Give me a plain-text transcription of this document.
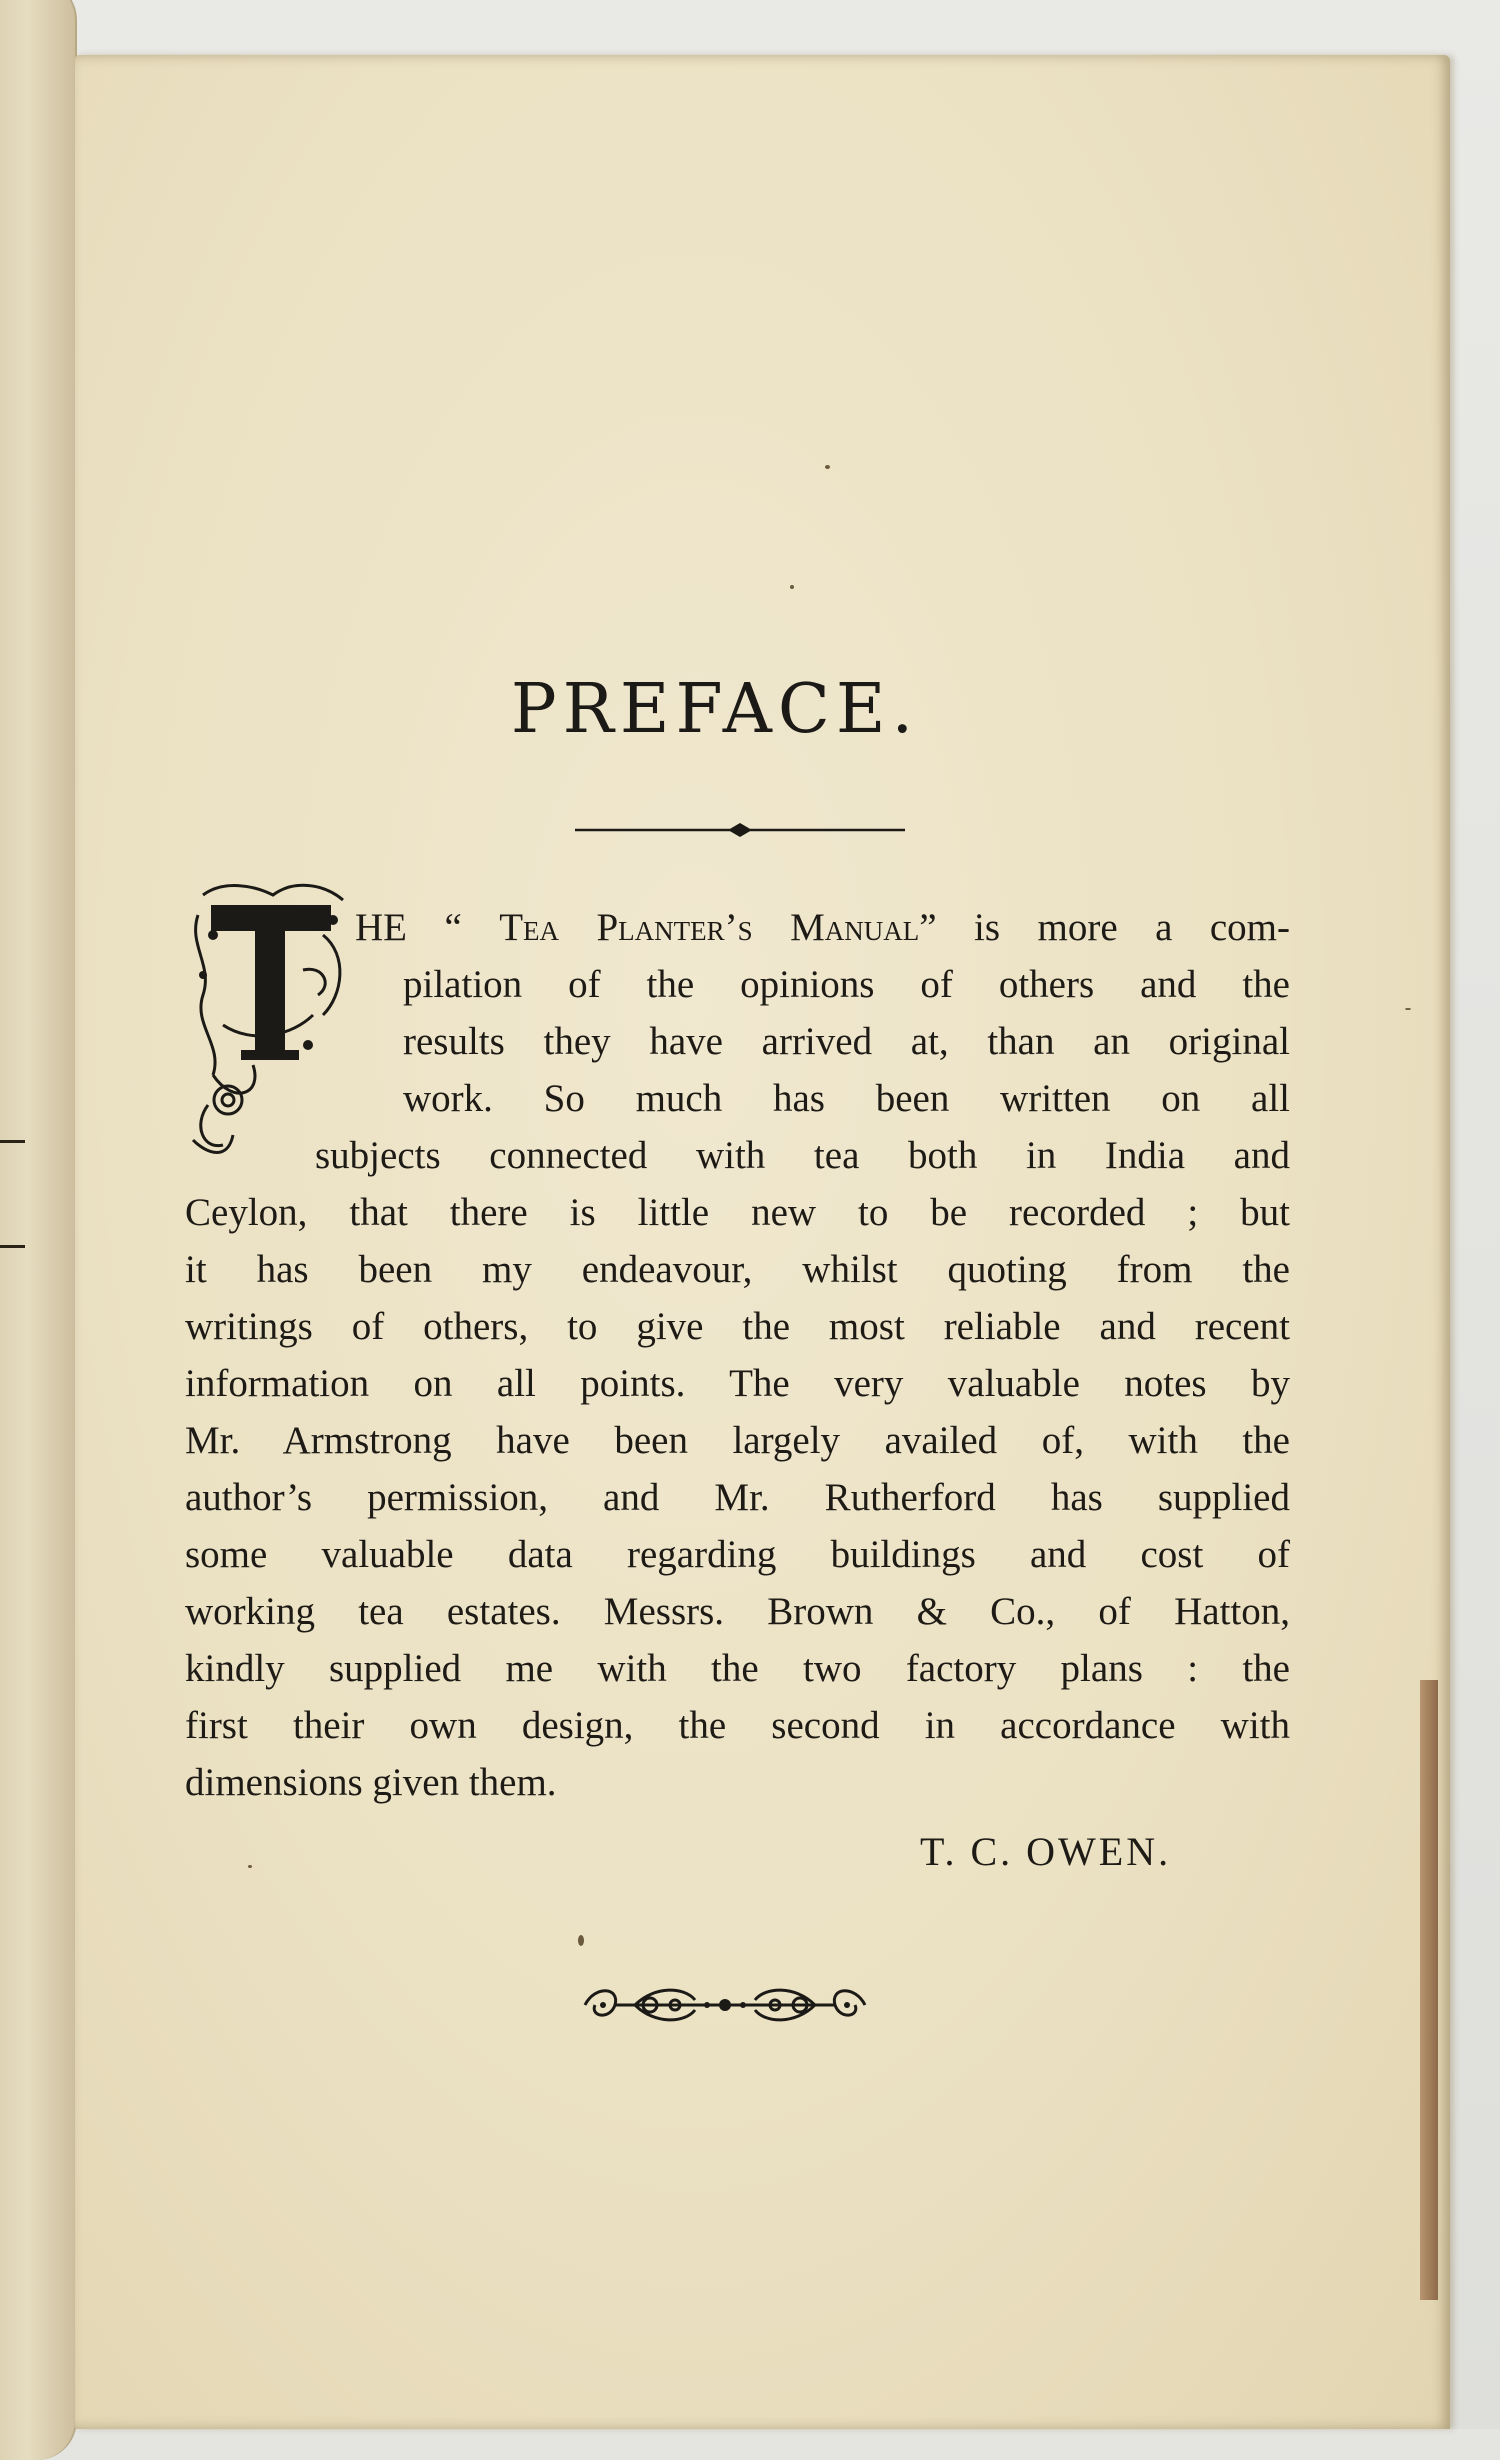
PREFACE.
HE “ Tea Planter’s Manual” is more a com-
pilation of the opinions of others and the
results they have arrived at, than an original
work. So much has been written on all
subjects connected with tea both in India and
Ceylon, that there is little new to be recorded ; but
it has been my endeavour, whilst quoting from the
writings of others, to give the most reliable and recent
information on all points. The very valuable notes by
Mr. Armstrong have been largely availed of, with the
author’s permission, and Mr. Rutherford has supplied
some valuable data regarding buildings and cost of
working tea estates. Messrs. Brown & Co., of Hatton,
kindly supplied me with the two factory plans : the
first their own design, the second in accordance with
dimensions given them.
T. C. OWEN.
